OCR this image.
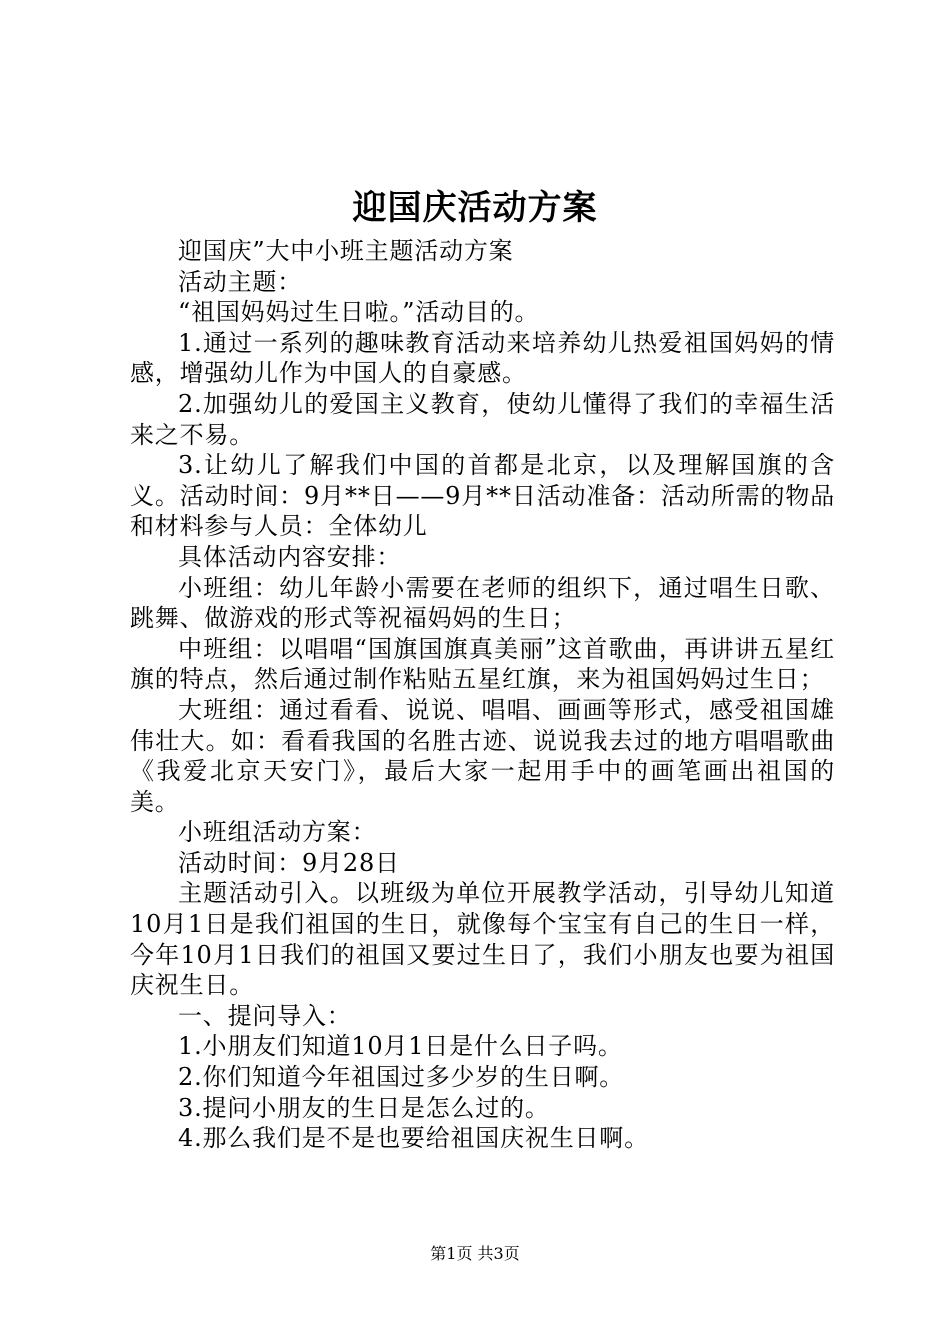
迎国庆活动方案

迎国庆”大中小班主题活动方案

活动主题：

“祖国妈妈过生日啦。”活动目的。

1.通过一系列的趣味教育活动来培养幼儿热爱祖国妈妈的情感，增强幼儿作为中国人的自豪感。

2.加强幼儿的爱国主义教育，使幼儿懂得了我们的幸福生活来之不易。

3.让幼儿了解我们中国的首都是北京，以及理解国旗的含义。活动时间：9月**日——9月**日活动准备：活动所需的物品和材料参与人员：全体幼儿

具体活动内容安排：

小班组：幼儿年龄小需要在老师的组织下，通过唱生日歌、跳舞、做游戏的形式等祝福妈妈的生日；

中班组：以唱唱“国旗国旗真美丽”这首歌曲，再讲讲五星红旗的特点，然后通过制作粘贴五星红旗，来为祖国妈妈过生日；

大班组：通过看看、说说、唱唱、画画等形式，感受祖国雄伟壮大。如：看看我国的名胜古迹、说说我去过的地方唱唱歌曲《我爱北京天安门》，最后大家一起用手中的画笔画出祖国的美。

小班组活动方案：

活动时间：9月28日

主题活动引入。以班级为单位开展教学活动，引导幼儿知道10月1日是我们祖国的生日，就像每个宝宝有自己的生日一样，今年10月1日我们的祖国又要过生日了，我们小朋友也要为祖国庆祝生日。

一、提问导入：

1.小朋友们知道10月1日是什么日子吗。

2.你们知道今年祖国过多少岁的生日啊。

3.提问小朋友的生日是怎么过的。

4.那么我们是不是也要给祖国庆祝生日啊。

第1页 共3页
